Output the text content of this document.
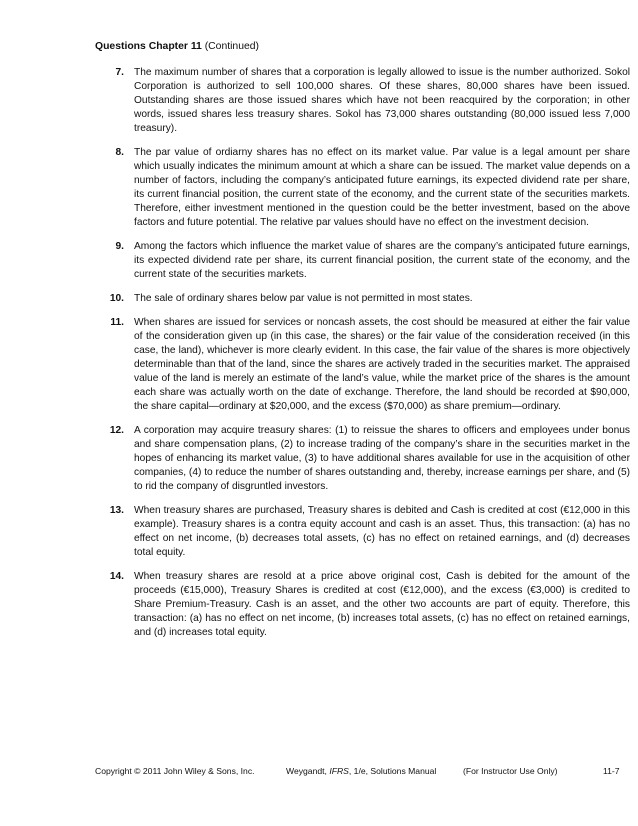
Questions Chapter 11 (Continued)
7. The maximum number of shares that a corporation is legally allowed to issue is the number authorized. Sokol Corporation is authorized to sell 100,000 shares. Of these shares, 80,000 shares have been issued. Outstanding shares are those issued shares which have not been reacquired by the corporation; in other words, issued shares less treasury shares. Sokol has 73,000 shares outstanding (80,000 issued less 7,000 treasury).
8. The par value of ordiarny shares has no effect on its market value. Par value is a legal amount per share which usually indicates the minimum amount at which a share can be issued. The market value depends on a number of factors, including the company’s anticipated future earnings, its expected dividend rate per share, its current financial position, the current state of the economy, and the current state of the securities markets. Therefore, either investment mentioned in the question could be the better investment, based on the above factors and future potential. The relative par values should have no effect on the investment decision.
9. Among the factors which influence the market value of shares are the company’s anticipated future earnings, its expected dividend rate per share, its current financial position, the current state of the economy, and the current state of the securities markets.
10. The sale of ordinary shares below par value is not permitted in most states.
11. When shares are issued for services or noncash assets, the cost should be measured at either the fair value of the consideration given up (in this case, the shares) or the fair value of the consideration received (in this case, the land), whichever is more clearly evident. In this case, the fair value of the shares is more objectively determinable than that of the land, since the shares are actively traded in the securities market. The appraised value of the land is merely an estimate of the land’s value, while the market price of the shares is the amount each share was actually worth on the date of exchange. Therefore, the land should be recorded at $90,000, the share capital—ordinary at $20,000, and the excess ($70,000) as share premium—ordinary.
12. A corporation may acquire treasury shares: (1) to reissue the shares to officers and employees under bonus and share compensation plans, (2) to increase trading of the company’s share in the securities market in the hopes of enhancing its market value, (3) to have additional shares available for use in the acquisition of other companies, (4) to reduce the number of shares outstanding and, thereby, increase earnings per share, and (5) to rid the company of disgruntled investors.
13. When treasury shares are purchased, Treasury shares is debited and Cash is credited at cost (€12,000 in this example). Treasury shares is a contra equity account and cash is an asset. Thus, this transaction: (a) has no effect on net income, (b) decreases total assets, (c) has no effect on retained earnings, and (d) decreases total equity.
14. When treasury shares are resold at a price above original cost, Cash is debited for the amount of the proceeds (€15,000), Treasury Shares is credited at cost (€12,000), and the excess (€3,000) is credited to Share Premium-Treasury. Cash is an asset, and the other two accounts are part of equity. Therefore, this transaction: (a) has no effect on net income, (b) increases total assets, (c) has no effect on retained earnings, and (d) increases total equity.
Copyright © 2011 John Wiley & Sons, Inc.	Weygandt, IFRS, 1/e, Solutions Manual	(For Instructor Use Only)	11-7
